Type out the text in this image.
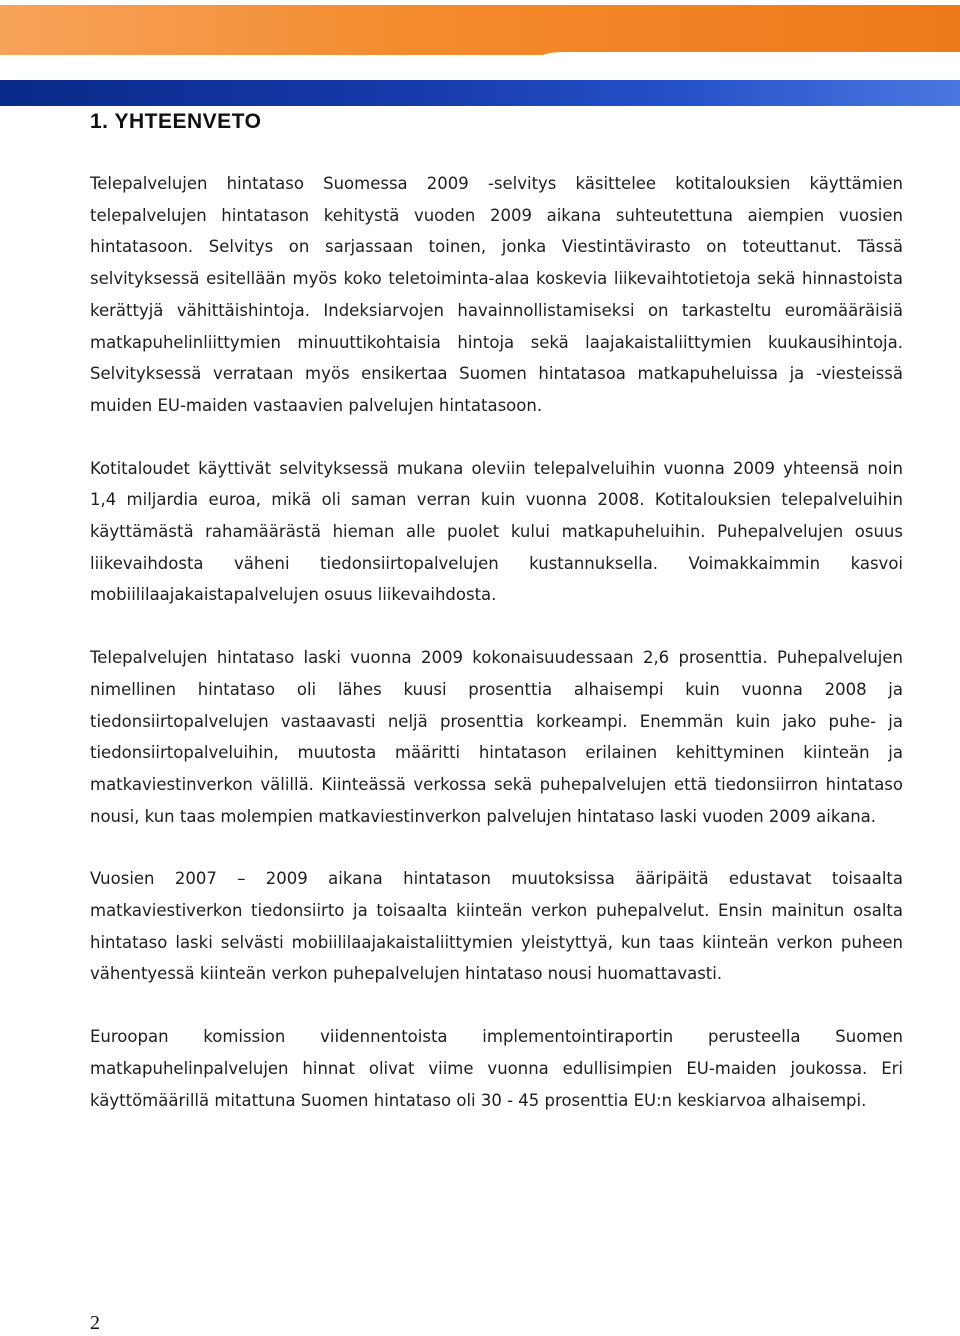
1. YHTEENVETO

Telepalvelujen hintataso Suomessa 2009 -selvitys käsittelee kotitalouksien käyttämien telepalvelujen hintatason kehitystä vuoden 2009 aikana suhteutettuna aiempien vuosien hintatasoon. Selvitys on sarjassaan toinen, jonka Viestintävirasto on toteuttanut. Tässä selvityksessä esitellään myös koko teletoiminta-alaa koskevia liikevaihtotietoja sekä hinnastoista kerättyjä vähittäishintoja. Indeksiarvojen havainnollistamiseksi on tarkasteltu euromääräisiä matkapuhelinliittymien minuuttikohtaisia hintoja sekä laajakaistaliittymien kuukausihintoja. Selvityksessä verrataan myös ensikertaa Suomen hintatasoa matkapuheluissa ja -viesteissä muiden EU-maiden vastaavien palvelujen hintatasoon.

Kotitaloudet käyttivät selvityksessä mukana oleviin telepalveluihin vuonna 2009 yhteensä noin 1,4 miljardia euroa, mikä oli saman verran kuin vuonna 2008. Kotitalouksien telepalveluihin käyttämästä rahamäärästä hieman alle puolet kului matkapuheluihin. Puhepalvelujen osuus liikevaihdosta väheni tiedonsiirtopalvelujen kustannuksella. Voimakkaimmin kasvoi mobiililaajakaistapalvelujen osuus liikevaihdosta.

Telepalvelujen hintataso laski vuonna 2009 kokonaisuudessaan 2,6 prosenttia. Puhepalvelujen nimellinen hintataso oli lähes kuusi prosenttia alhaisempi kuin vuonna 2008 ja tiedonsiirtopalvelujen vastaavasti neljä prosenttia korkeampi. Enemmän kuin jako puhe- ja tiedonsiirtopalveluihin, muutosta määritti hintatason erilainen kehittyminen kiinteän ja matkaviestinverkon välillä. Kiinteässä verkossa sekä puhepalvelujen että tiedonsiirron hintataso nousi, kun taas molempien matkaviestinverkon palvelujen hintataso laski vuoden 2009 aikana.

Vuosien 2007 – 2009 aikana hintatason muutoksissa ääripäitä edustavat toisaalta matkaviestiverkon tiedonsiirto ja toisaalta kiinteän verkon puhepalvelut. Ensin mainitun osalta hintataso laski selvästi mobiililaajakaistaliittymien yleistyttyä, kun taas kiinteän verkon puheen vähentyessä kiinteän verkon puhepalvelujen hintataso nousi huomattavasti.

Euroopan komission viidennentoista implementointiraportin perusteella Suomen matkapuhelinpalvelujen hinnat olivat viime vuonna edullisimpien EU-maiden joukossa. Eri käyttömäärillä mitattuna Suomen hintataso oli 30 - 45 prosenttia EU:n keskiarvoa alhaisempi.

2
